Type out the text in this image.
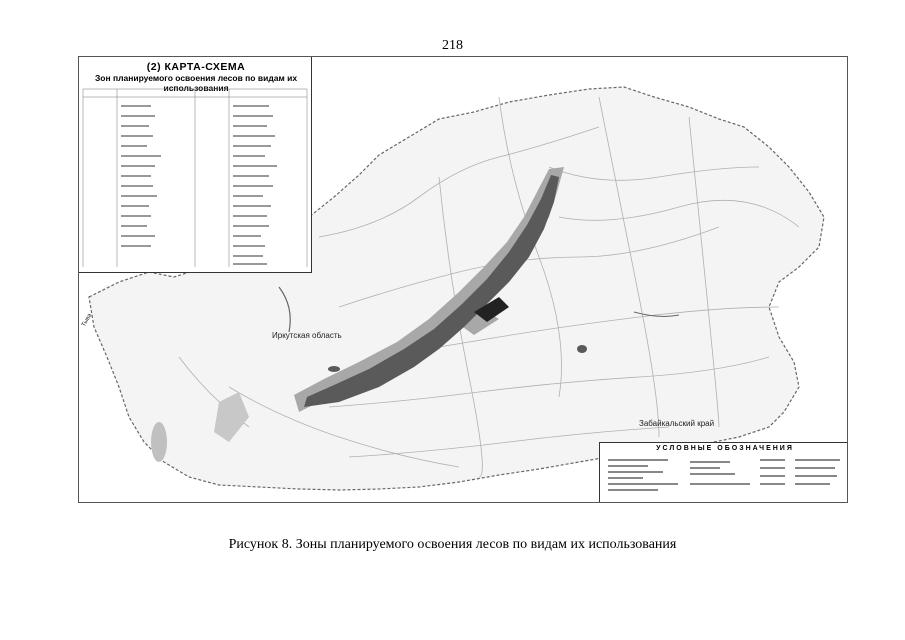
218
(2) КАРТА-СХЕМА
Зон планируемого освоения лесов по видам их использования
Иркутская область
Забайкальский край
Тыва
УСЛОВНЫЕ ОБОЗНАЧЕНИЯ
Рисунок 8. Зоны планируемого освоения лесов по видам их использования
